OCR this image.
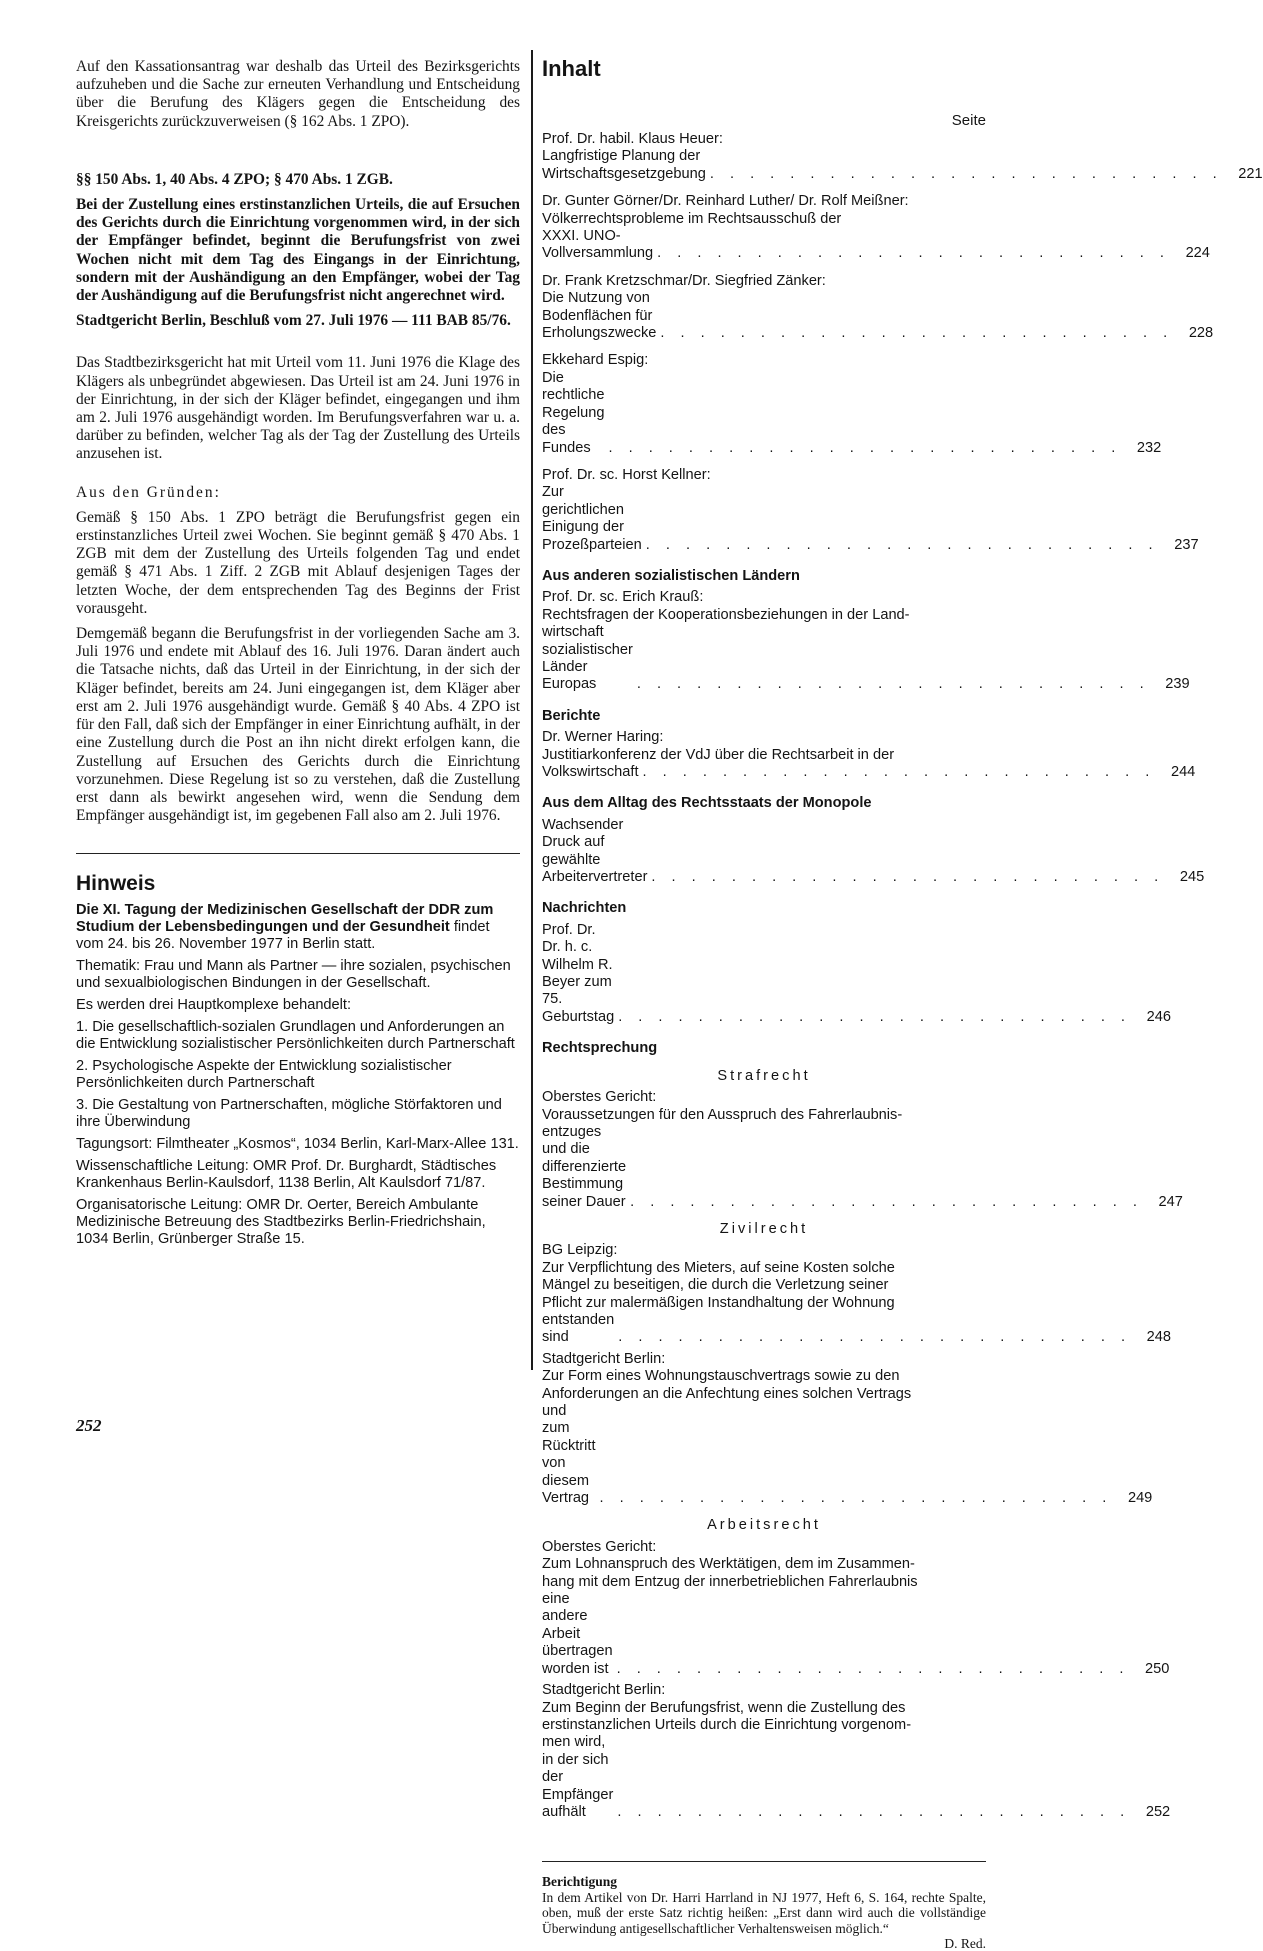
Auf den Kassationsantrag war deshalb das Urteil des Bezirksgerichts aufzuheben und die Sache zur erneuten Verhandlung und Entscheidung über die Berufung des Klägers gegen die Entscheidung des Kreisgerichts zurückzuverweisen (§ 162 Abs. 1 ZPO).

§§ 150 Abs. 1, 40 Abs. 4 ZPO; § 470 Abs. 1 ZGB.

Bei der Zustellung eines erstinstanzlichen Urteils, die auf Ersuchen des Gerichts durch die Einrichtung vorgenommen wird, in der sich der Empfänger befindet, beginnt die Berufungsfrist von zwei Wochen nicht mit dem Tag des Eingangs in der Einrichtung, sondern mit der Aushändigung an den Empfänger, wobei der Tag der Aushändigung auf die Berufungsfrist nicht angerechnet wird.

Stadtgericht Berlin, Beschluß vom 27. Juli 1976 — 111 BAB 85/76.

Das Stadtbezirksgericht hat mit Urteil vom 11. Juni 1976 die Klage des Klägers als unbegründet abgewiesen. Das Urteil ist am 24. Juni 1976 in der Einrichtung, in der sich der Kläger befindet, eingegangen und ihm am 2. Juli 1976 ausgehändigt worden. Im Berufungsverfahren war u. a. darüber zu befinden, welcher Tag als der Tag der Zustellung des Urteils anzusehen ist.

Aus den Gründen:

Gemäß § 150 Abs. 1 ZPO beträgt die Berufungsfrist gegen ein erstinstanzliches Urteil zwei Wochen. Sie beginnt gemäß § 470 Abs. 1 ZGB mit dem der Zustellung des Urteils folgenden Tag und endet gemäß § 471 Abs. 1 Ziff. 2 ZGB mit Ablauf desjenigen Tages der letzten Woche, der dem entsprechenden Tag des Beginns der Frist vorausgeht.

Demgemäß begann die Berufungsfrist in der vorliegenden Sache am 3. Juli 1976 und endete mit Ablauf des 16. Juli 1976. Daran ändert auch die Tatsache nichts, daß das Urteil in der Einrichtung, in der sich der Kläger befindet, bereits am 24. Juni eingegangen ist, dem Kläger aber erst am 2. Juli 1976 ausgehändigt wurde. Gemäß § 40 Abs. 4 ZPO ist für den Fall, daß sich der Empfänger in einer Einrichtung aufhält, in der eine Zustellung durch die Post an ihn nicht direkt erfolgen kann, die Zustellung auf Ersuchen des Gerichts durch die Einrichtung vorzunehmen. Diese Regelung ist so zu verstehen, daß die Zustellung erst dann als bewirkt angesehen wird, wenn die Sendung dem Empfänger ausgehändigt ist, im gegebenen Fall also am 2. Juli 1976.

Hinweis

Die XI. Tagung der Medizinischen Gesellschaft der DDR zum Studium der Lebensbedingungen und der Gesundheit findet vom 24. bis 26. November 1977 in Berlin statt.

Thematik: Frau und Mann als Partner — ihre sozialen, psychischen und sexualbiologischen Bindungen in der Gesellschaft.

Es werden drei Hauptkomplexe behandelt:

1. Die gesellschaftlich-sozialen Grundlagen und Anforderungen an die Entwicklung sozialistischer Persönlichkeiten durch Partnerschaft

2. Psychologische Aspekte der Entwicklung sozialistischer Persönlichkeiten durch Partnerschaft

3. Die Gestaltung von Partnerschaften, mögliche Störfaktoren und ihre Überwindung

Tagungsort: Filmtheater „Kosmos“, 1034 Berlin, Karl-Marx-Allee 131.

Wissenschaftliche Leitung: OMR Prof. Dr. Burghardt, Städtisches Krankenhaus Berlin-Kaulsdorf, 1138 Berlin, Alt Kaulsdorf 71/87.

Organisatorische Leitung: OMR Dr. Oerter, Bereich Ambulante Medizinische Betreuung des Stadtbezirks Berlin-Friedrichshain, 1034 Berlin, Grünberger Straße 15.

252

Inhalt

Seite

Prof. Dr. habil. Klaus Heuer:
Langfristige Planung der Wirtschaftsgesetzgebung . . . . . . . . . . . . . . . . . . . . . . . . . .	221
Dr. Gunter Görner/Dr. Reinhard Luther/ Dr. Rolf Meißner:
Völkerrechtsprobleme im Rechtsausschuß der
XXXI. UNO-Vollversammlung . . . . . . . . . . . . . . . . . . . . . . . . . .	224
Dr. Frank Kretzschmar/Dr. Siegfried Zänker:
Die Nutzung von Bodenflächen für Erholungszwecke . . . . . . . . . . . . . . . . . . . . . . . . . .	228
Ekkehard Espig:
Die rechtliche Regelung des Fundes	. . . . . . . . . . . . . . . . . . . . . . . . . .	232
Prof. Dr. sc. Horst Kellner:
Zur gerichtlichen Einigung der Prozeßparteien . . . . . . . . . . . . . . . . . . . . . . . . . .	237

Aus anderen sozialistischen Ländern

Prof. Dr. sc. Erich Krauß:
Rechtsfragen der Kooperationsbeziehungen in der Land-
wirtschaft sozialistischer Länder Europas	. . . . . . . . . . . . . . . . . . . . . . . . . .	239

Berichte

Dr. Werner Haring:
Justitiarkonferenz der VdJ über die Rechtsarbeit in der
Volkswirtschaft . . . . . . . . . . . . . . . . . . . . . . . . . .	244

Aus dem Alltag des Rechtsstaats der Monopole

Wachsender Druck auf gewählte Arbeitervertreter . . . . . . . . . . . . . . . . . . . . . . . . . .	245

Nachrichten

Prof. Dr. Dr. h. c. Wilhelm R. Beyer zum 75. Geburtstag . . . . . . . . . . . . . . . . . . . . . . . . . .	246

Rechtsprechung

Strafrecht

Oberstes Gericht:
Voraussetzungen für den Ausspruch des Fahrerlaubnis-
entzuges und die differenzierte Bestimmung seiner Dauer . . . . . . . . . . . . . . . . . . . . . . . . . .	247

Zivilrecht

BG Leipzig:
Zur Verpflichtung des Mieters, auf seine Kosten solche
Mängel zu beseitigen, die durch die Verletzung seiner
Pflicht zur malermäßigen Instandhaltung der Wohnung
entstanden sind	. . . . . . . . . . . . . . . . . . . . . . . . . .	248
Stadtgericht Berlin:
Zur Form eines Wohnungstauschvertrags sowie zu den
Anforderungen an die Anfechtung eines solchen Vertrags
und zum Rücktritt von diesem Vertrag . . . . . . . . . . . . . . . . . . . . . . . . . .	249

Arbeitsrecht

Oberstes Gericht:
Zum Lohnanspruch des Werktätigen, dem im Zusammen-
hang mit dem Entzug der innerbetrieblichen Fahrerlaubnis
eine andere Arbeit übertragen worden ist . . . . . . . . . . . . . . . . . . . . . . . . . .	250
Stadtgericht Berlin:
Zum Beginn der Berufungsfrist, wenn die Zustellung des
erstinstanzlichen Urteils durch die Einrichtung vorgenom-
men wird, in der sich der Empfänger aufhält	. . . . . . . . . . . . . . . . . . . . . . . . . .	252

Berichtigung

In dem Artikel von Dr. Harri Harrland in NJ 1977, Heft 6, S. 164, rechte Spalte, oben, muß der erste Satz richtig heißen: „Erst dann wird auch die vollständige Überwindung antigesellschaftlicher Verhaltensweisen möglich.“

D. Red.
